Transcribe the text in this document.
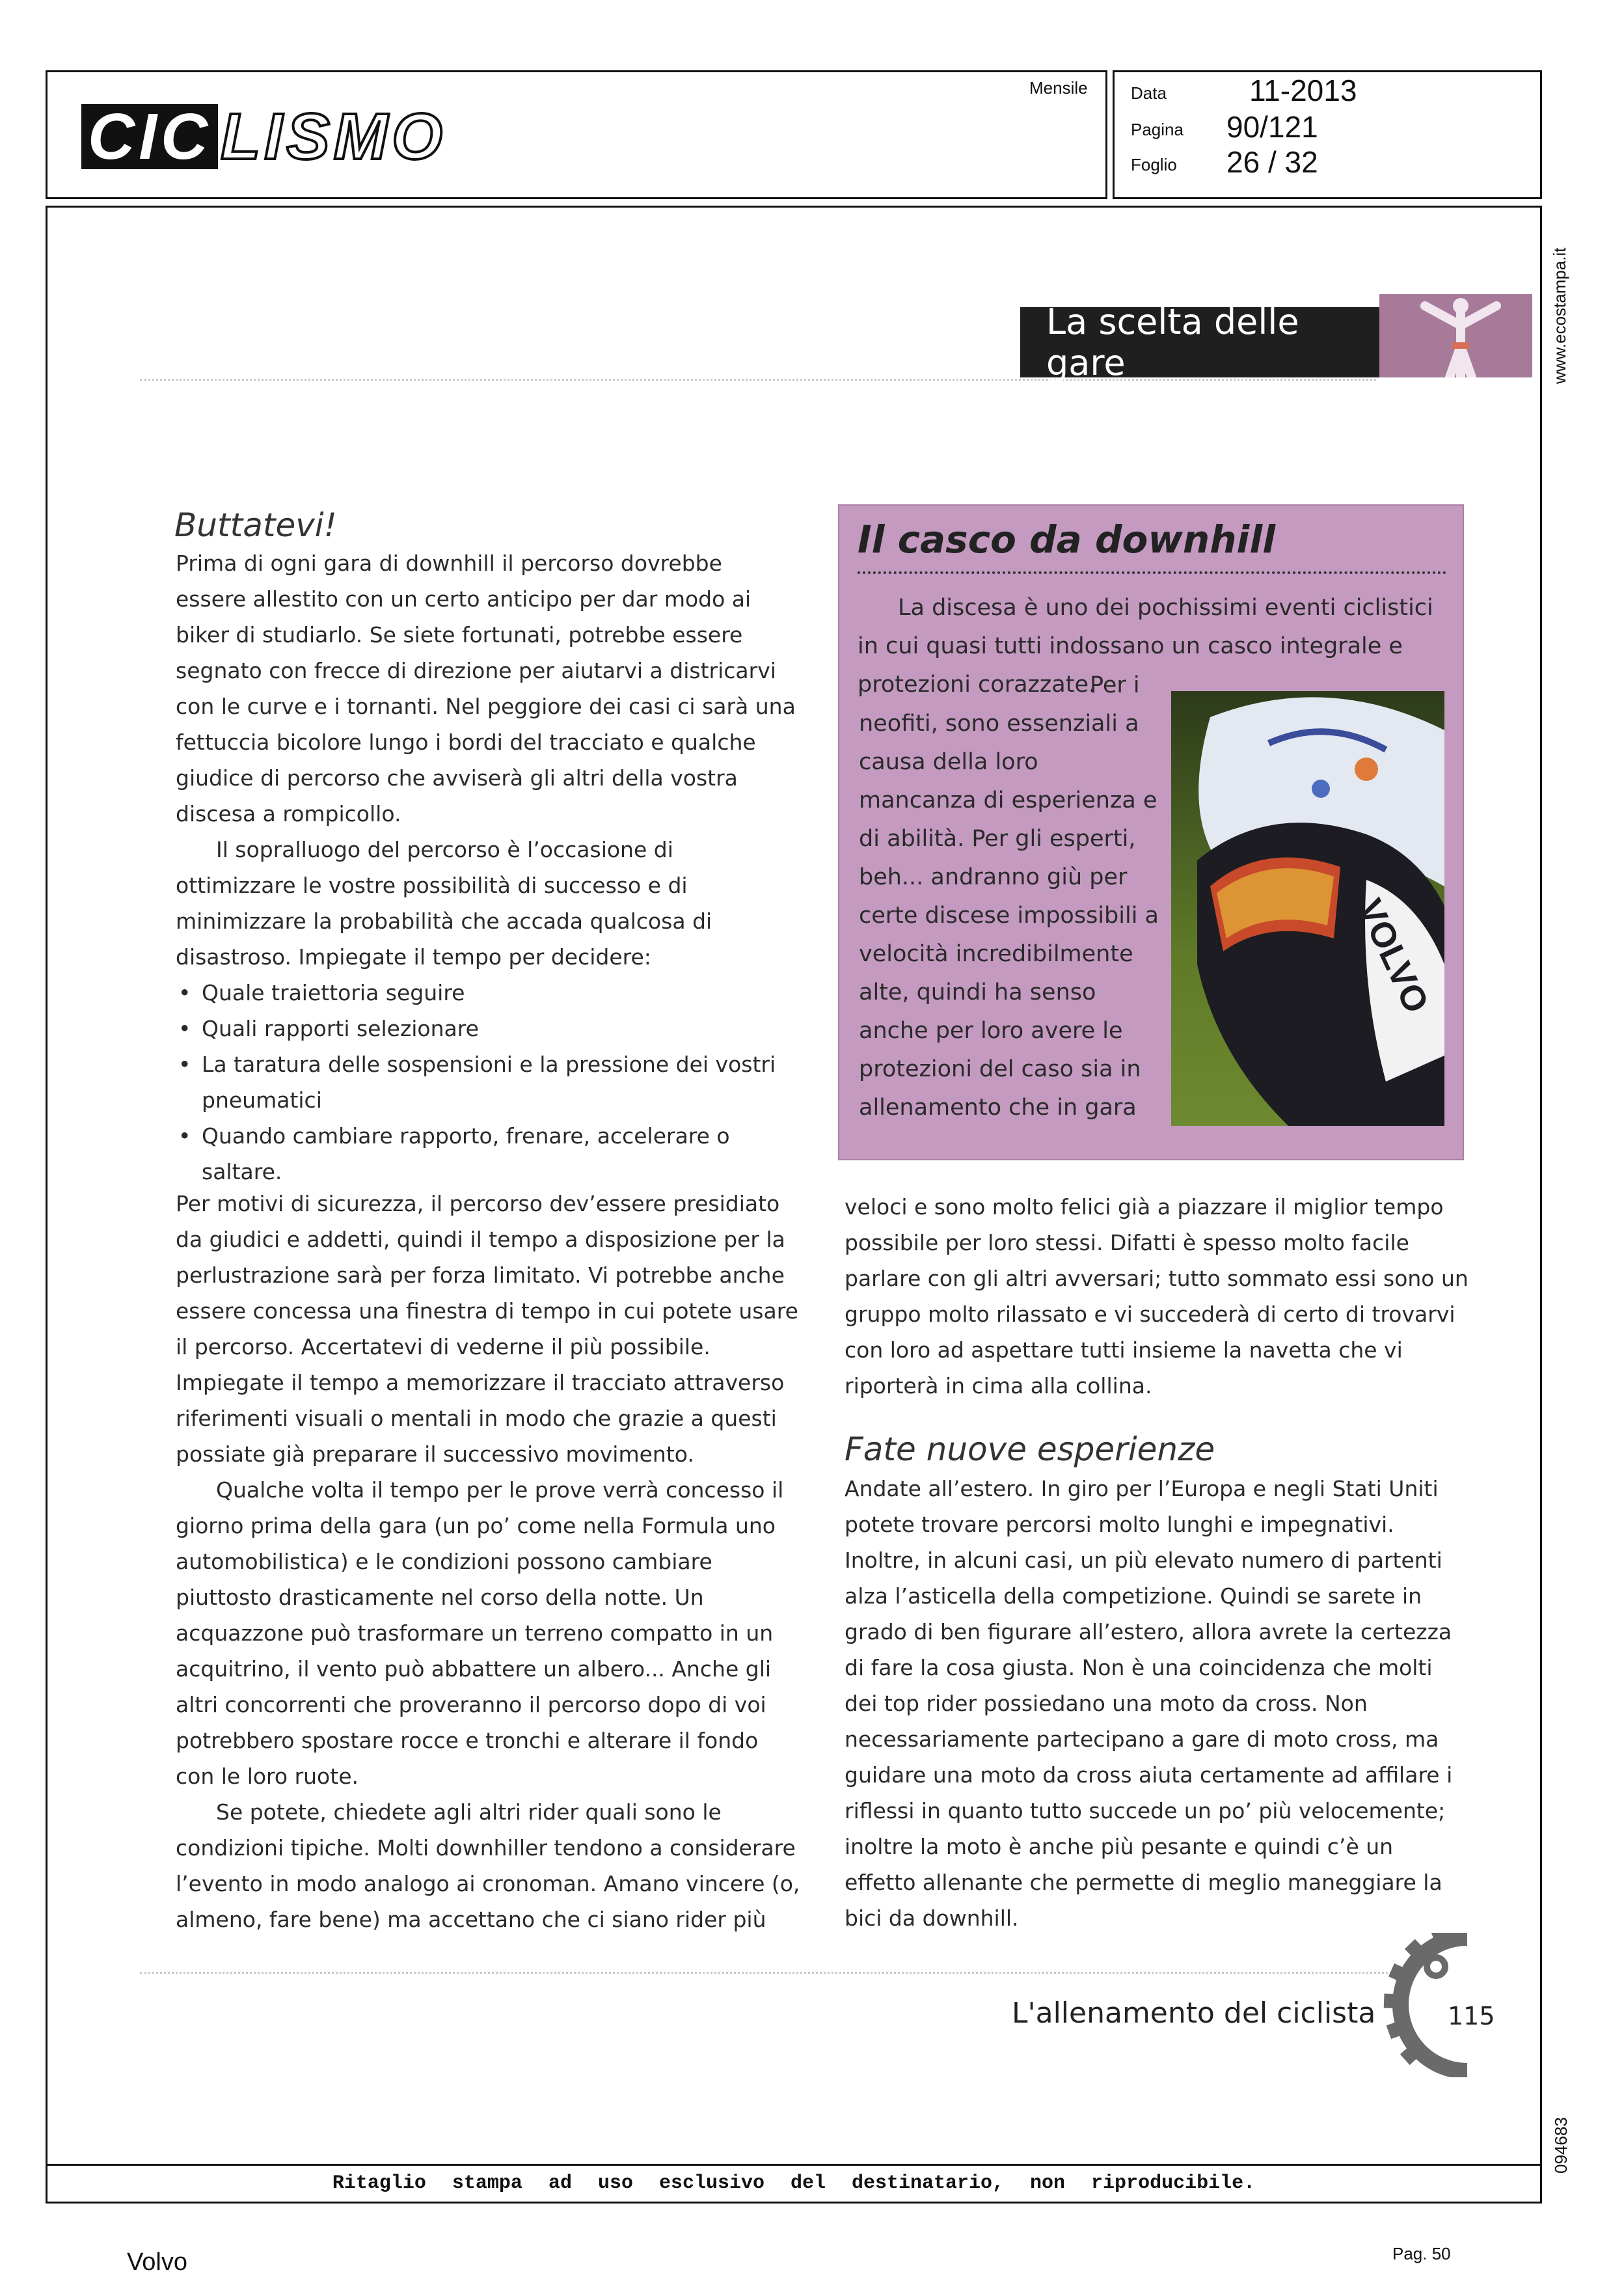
CIC LISMO
Mensile	Data	11-2013
Pagina 90/121
Foglio 26 / 32
Ritaglio stampa ad uso esclusivo del destinatario, non riproducibile.
www.ecostampa.it
094683
La scelta delle gare
Buttatevi!

Prima di ogni gara di downhill il percorso dovrebbe essere allestito con un certo anticipo per dar modo ai biker di studiarlo. Se siete fortunati, potrebbe essere segnato con frecce di direzione per aiutarvi a districarvi con le curve e i tornanti. Nel peggiore dei casi ci sarà una fettuccia bicolore lungo i bordi del tracciato e qualche giudice di percorso che avviserà gli altri della vostra discesa a rompicollo.

Il sopralluogo del percorso è l’occasione di ottimizzare le vostre possibilità di successo e di minimizzare la probabilità che accada qualcosa di disastroso. Impiegate il tempo per decidere:

• Quale traiettoria seguire
• Quali rapporti selezionare
• La taratura delle sospensioni e la pressione dei vostri pneumatici
• Quando cambiare rapporto, frenare, accelerare o saltare.

Per motivi di sicurezza, il percorso dev’essere presidiato da giudici e addetti, quindi il tempo a disposizione per la perlustrazione sarà per forza limitato. Vi potrebbe anche essere concessa una finestra di tempo in cui potete usare il percorso. Accertatevi di vederne il più possibile. Impiegate il tempo a memorizzare il tracciato attraverso riferimenti visuali o mentali in modo che grazie a questi possiate già preparare il successivo movimento.

Qualche volta il tempo per le prove verrà concesso il giorno prima della gara (un po’ come nella Formula uno automobilistica) e le condizioni possono cambiare piuttosto drasticamente nel corso della notte. Un acquazzone può trasformare un terreno compatto in un acquitrino, il vento può abbattere un albero... Anche gli altri concorrenti che proveranno il percorso dopo di voi potrebbero spostare rocce e tronchi e alterare il fondo con le loro ruote.

Se potete, chiedete agli altri rider quali sono le condizioni tipiche. Molti downhiller tendono a considerare l’evento in modo analogo ai cronoman. Amano vincere (o, almeno, fare bene) ma accettano che ci siano rider più

Il casco da downhill
La discesa è uno dei pochissimi eventi ciclistici in cui quasi tutti indossano un casco integrale e protezioni corazzate.
Per i neofiti, sono essenziali a causa della loro mancanza di esperienza e di abilità. Per gli esperti, beh... andranno giù per certe discese impossibili a velocità incredibilmente alte, quindi ha senso anche per loro avere le protezioni del caso sia in allenamento che in gara
VOLVO

veloci e sono molto felici già a piazzare il miglior tempo possibile per loro stessi. Difatti è spesso molto facile parlare con gli altri avversari; tutto sommato essi sono un gruppo molto rilassato e vi succederà di certo di trovarvi con loro ad aspettare tutti insieme la navetta che vi riporterà in cima alla collina.

Fate nuove esperienze

Andate all’estero. In giro per l’Europa e negli Stati Uniti potete trovare percorsi molto lunghi e impegnativi. Inoltre, in alcuni casi, un più elevato numero di partenti alza l’asticella della competizione. Quindi se sarete in grado di ben figurare all’estero, allora avrete la certezza di fare la cosa giusta. Non è una coincidenza che molti dei top rider possiedano una moto da cross. Non necessariamente partecipano a gare di moto cross, ma guidare una moto da cross aiuta certamente ad affilare i riflessi in quanto tutto succede un po’ più velocemente; inoltre la moto è anche più pesante e quindi c’è un effetto allenante che permette di meglio maneggiare la bici da downhill.

L'allenamento del ciclista	115
Volvo	Pag. 50
